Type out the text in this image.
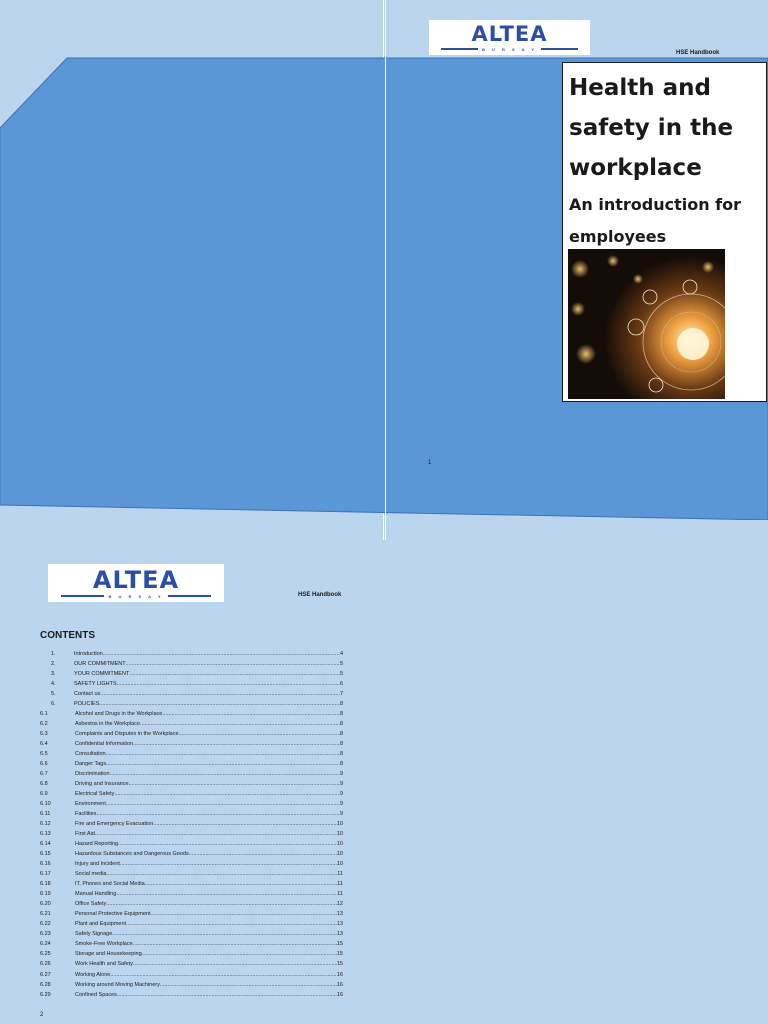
ALTEA
B U R S A Y
HSE Handbook
Health and
safety in the
workplace
An introduction for
employees
1
ALTEA
B U R S A Y	HSE Handbook
CONTENTS
1.	Introduction .....	4
2.	OUR COMMITMENT .....	5
3.	YOUR COMMITMENT .....	5
4.	SAFETY LIGHTS .....	6
5.	Contact us .....	7
6.	POLICIES .....	8
6.1	Alcohol and Drugs in the Workplace .....	8
6.2	Asbestos in the Workplace .....	8
6.3	Complaints and Disputes in the Workplace .....	8
6.4	Confidential Information .....	8
6.5	Consultation .....	8
6.6	Danger Tags .....	8
6.7	Discrimination .....	9
6.8	Driving and Insurance .....	9
6.9	Electrical Safety .....	9
6.10	Environment .....	9
6.11	Facilities .....	9
6.12	Fire and Emergency Evacuation .....	10
6.13	First Aid .....	10
6.14	Hazard Reporting .....	10
6.15	Hazardous Substances and Dangerous Goods .....	10
6.16	Injury and Incident .....	10
6.17	Social media .....	11
6.18	IT, Phones and Social Media .....	11
6.19	Manual Handling .....	11
6.20	Office Safety .....	12
6.21	Personal Protective Equipment .....	13
6.22	Plant and Equipment .....	13
6.23	Safety Signage .....	13
6.24	Smoke-Free Workplace .....	15
6.25	Storage and Housekeeping .....	15
6.26	Work Health and Safety .....	15
6.27	Working Alone .....	16
6.28	Working around Moving Machinery .....	16
6.29	Confined Spaces .....	16
2
